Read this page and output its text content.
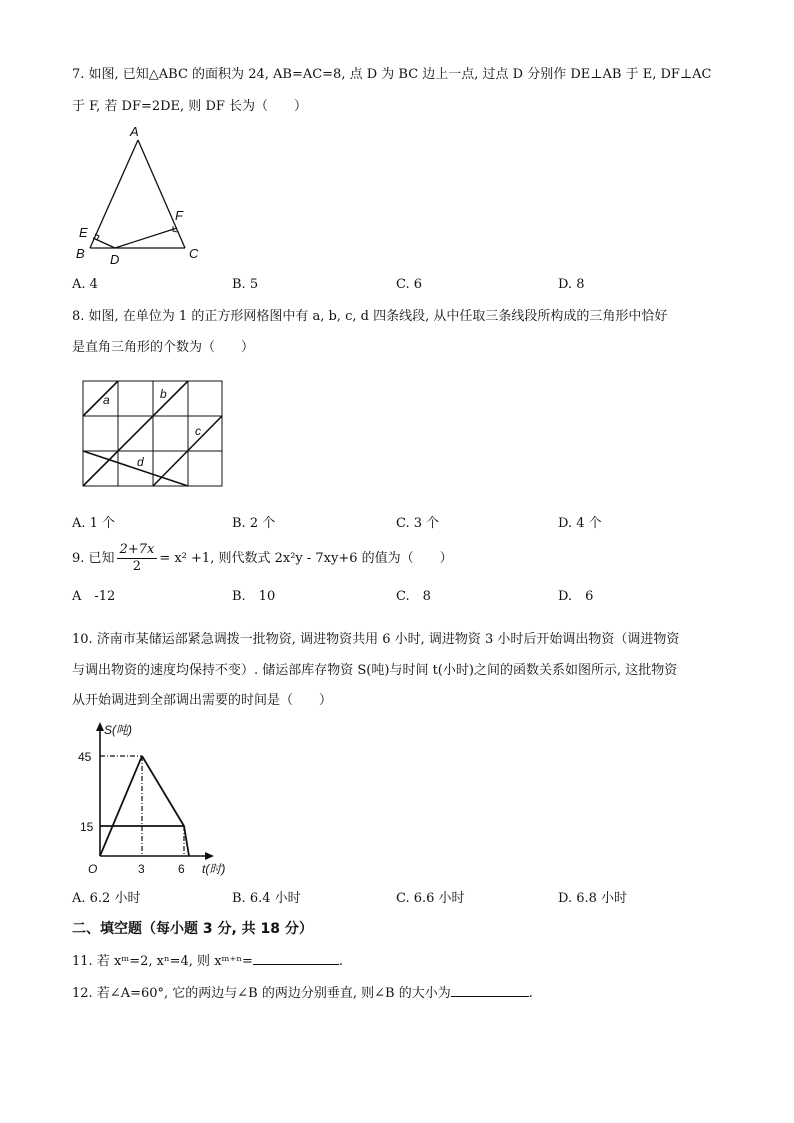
7. 如图, 已知△ABC 的面积为 24, AB=AC=8, 点 D 为 BC 边上一点, 过点 D 分别作 DE⊥AB 于 E, DF⊥AC
于 F, 若 DF=2DE, 则 DF 长为（　　）
A
B	C
D
E
F
A. 4	B. 5	C. 6	D. 8
8. 如图, 在单位为 1 的正方形网格图中有 a, b, c, d 四条线段, 从中任取三条线段所构成的三角形中恰好
是直角三角形的个数为（　　）
a	b
c
d
A. 1 个	B. 2 个	C. 3 个	D. 4 个
9. 已知 $\frac{2+7x}{2} = x^2 +1$, 则代数式 2x²y - 7xy+6 的值为（　　）
A　-12	B.　10	C.　8	D.　6
10. 济南市某储运部紧急调拨一批物资, 调进物资共用 6 小时, 调进物资 3 小时后开始调出物资（调进物资
与调出物资的速度均保持不变）. 储运部库存物资 S(吨)与时间 t(小时)之间的函数关系如图所示, 这批物资
从开始调进到全部调出需要的时间是（　　）
S(吨)
t(时)
O
45
15
3	6
A. 6.2 小时	B. 6.4 小时	C. 6.6 小时	D. 6.8 小时
二、填空题（每小题 3 分, 共 18 分）
11. 若 xᵐ=2, xⁿ=4, 则 xᵐ⁺ⁿ=	.
12. 若∠A=60°, 它的两边与∠B 的两边分别垂直, 则∠B 的大小为	.
